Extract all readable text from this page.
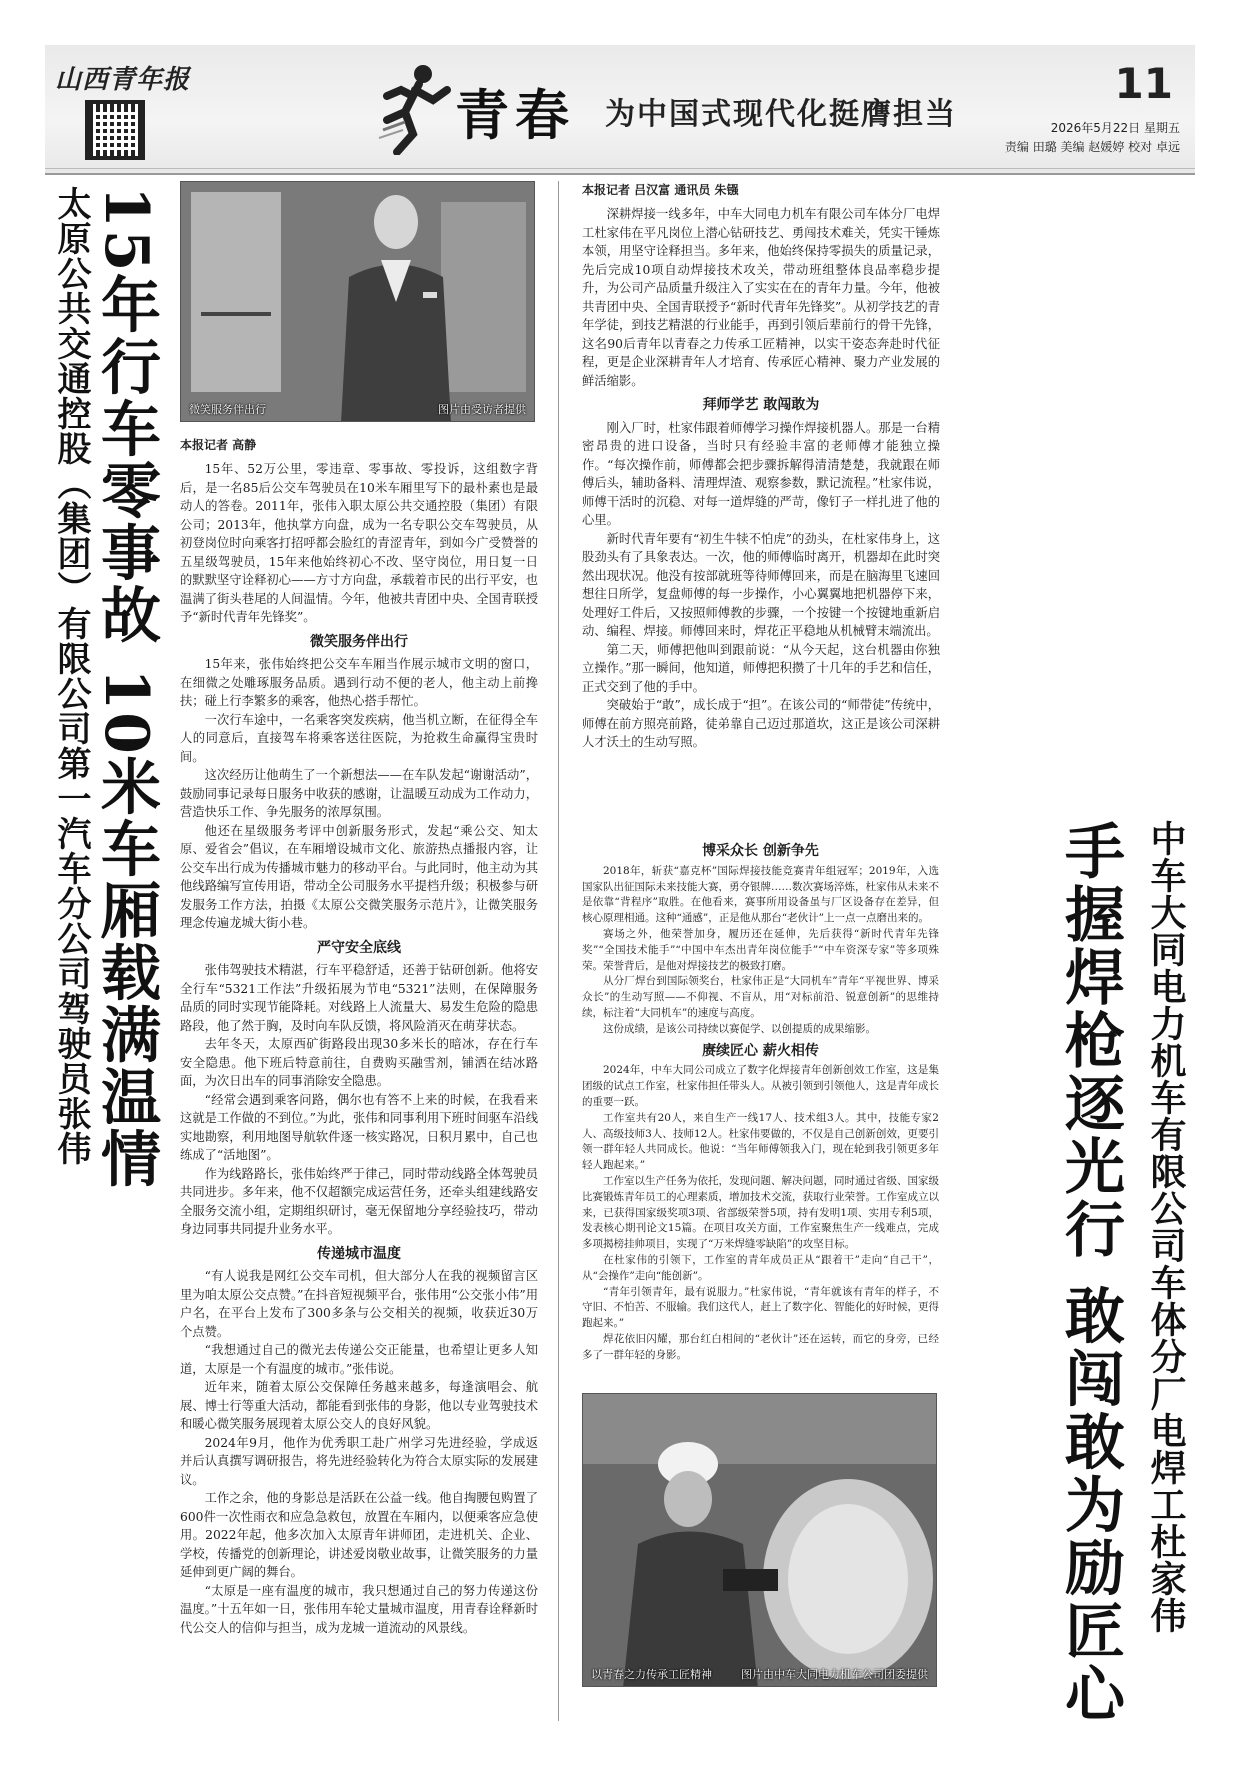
山西青年报
青春 为中国式现代化挺膺担当
11
2026年5月22日 星期五
责编 田璐 美编 赵媛婷 校对 卓远
太原公共交通控股（集团）有限公司第一汽车分公司驾驶员张伟 15年行车零事故 10米车厢载满温情	微笑服务伴出行	图片由受访者提供
本报记者 高静

15年、52万公里，零违章、零事故、零投诉，这组数字背后，是一名85后公交车驾驶员在10米车厢里写下的最朴素也是最动人的答卷。2011年，张伟入职太原公共交通控股（集团）有限公司；2013年，他执掌方向盘，成为一名专职公交车驾驶员，从初登岗位时向乘客打招呼都会脸红的青涩青年，到如今广受赞誉的五星级驾驶员，15年来他始终初心不改、坚守岗位，用日复一日的默默坚守诠释初心——方寸方向盘，承载着市民的出行平安，也温满了街头巷尾的人间温情。今年，他被共青团中央、全国青联授予“新时代青年先锋奖”。

微笑服务伴出行

15年来，张伟始终把公交车车厢当作展示城市文明的窗口，在细微之处雕琢服务品质。遇到行动不便的老人，他主动上前搀扶；碰上行李繁多的乘客，他热心搭手帮忙。

一次行车途中，一名乘客突发疾病，他当机立断，在征得全车人的同意后，直接驾车将乘客送往医院，为抢救生命赢得宝贵时间。

这次经历让他萌生了一个新想法——在车队发起“谢谢活动”，鼓励同事记录每日服务中收获的感谢，让温暖互动成为工作动力，营造快乐工作、争先服务的浓厚氛围。

他还在星级服务考评中创新服务形式，发起“乘公交、知太原、爱省会”倡议，在车厢增设城市文化、旅游热点播报内容，让公交车出行成为传播城市魅力的移动平台。与此同时，他主动为其他线路编写宣传用语，带动全公司服务水平提档升级；积极参与研发服务工作方法，拍摄《太原公交微笑服务示范片》，让微笑服务理念传遍龙城大街小巷。

严守安全底线

张伟驾驶技术精湛，行车平稳舒适，还善于钻研创新。他将安全行车“5321工作法”升级拓展为节电“5321”法则，在保障服务品质的同时实现节能降耗。对线路上人流量大、易发生危险的隐患路段，他了然于胸，及时向车队反馈，将风险消灭在萌芽状态。

去年冬天，太原西矿街路段出现30多米长的暗冰，存在行车安全隐患。他下班后特意前往，自费购买融雪剂，铺洒在结冰路面，为次日出车的同事消除安全隐患。

“经常会遇到乘客问路，偶尔也有答不上来的时候，在我看来这就是工作做的不到位。”为此，张伟和同事利用下班时间驱车沿线实地勘察，利用地图导航软件逐一核实路况，日积月累中，自己也练成了“活地图”。

作为线路路长，张伟始终严于律己，同时带动线路全体驾驶员共同进步。多年来，他不仅超额完成运营任务，还牵头组建线路安全服务交流小组，定期组织研讨，毫无保留地分享经验技巧，带动身边同事共同提升业务水平。

传递城市温度

“有人说我是网红公交车司机，但大部分人在我的视频留言区里为咱太原公交点赞。”在抖音短视频平台，张伟用“公交张小伟”用户名，在平台上发布了300多条与公交相关的视频，收获近30万个点赞。

“我想通过自己的微光去传递公交正能量，也希望让更多人知道，太原是一个有温度的城市。”张伟说。

近年来，随着太原公交保障任务越来越多，每逢演唱会、航展、博士行等重大活动，都能看到张伟的身影，他以专业驾驶技术和暖心微笑服务展现着太原公交人的良好风貌。

2024年9月，他作为优秀职工赴广州学习先进经验，学成返并后认真撰写调研报告，将先进经验转化为符合太原实际的发展建议。

工作之余，他的身影总是活跃在公益一线。他自掏腰包购置了600件一次性雨衣和应急急救包，放置在车厢内，以便乘客应急使用。2022年起，他多次加入太原青年讲师团，走进机关、企业、学校，传播党的创新理论，讲述爱岗敬业故事，让微笑服务的力量延伸到更广阔的舞台。

“太原是一座有温度的城市，我只想通过自己的努力传递这份温度。”十五年如一日，张伟用车轮丈量城市温度，用青春诠释新时代公交人的信仰与担当，成为龙城一道流动的风景线。

本报记者 吕汉富 通讯员 朱镪

深耕焊接一线多年，中车大同电力机车有限公司车体分厂电焊工杜家伟在平凡岗位上潜心钻研技艺、勇闯技术难关，凭实干锤炼本领，用坚守诠释担当。多年来，他始终保持零损失的质量记录，先后完成10项自动焊接技术攻关，带动班组整体良品率稳步提升，为公司产品质量升级注入了实实在在的青年力量。今年，他被共青团中央、全国青联授予“新时代青年先锋奖”。从初学技艺的青年学徒，到技艺精湛的行业能手，再到引领后辈前行的骨干先锋，这名90后青年以青春之力传承工匠精神，以实干姿态奔赴时代征程，更是企业深耕青年人才培育、传承匠心精神、聚力产业发展的鲜活缩影。

拜师学艺 敢闯敢为

刚入厂时，杜家伟跟着师傅学习操作焊接机器人。那是一台精密昂贵的进口设备，当时只有经验丰富的老师傅才能独立操作。“每次操作前，师傅都会把步骤拆解得清清楚楚，我就跟在师傅后头，辅助备料、清理焊渣、观察参数，默记流程。”杜家伟说，师傅干活时的沉稳、对每一道焊缝的严苛，像钉子一样扎进了他的心里。

新时代青年要有“初生牛犊不怕虎”的劲头，在杜家伟身上，这股劲头有了具象表达。一次，他的师傅临时离开，机器却在此时突然出现状况。他没有按部就班等待师傅回来，而是在脑海里飞速回想往日所学，复盘师傅的每一步操作，小心翼翼地把机器停下来，处理好工件后，又按照师傅教的步骤，一个按键一个按键地重新启动、编程、焊接。师傅回来时，焊花正平稳地从机械臂末端流出。

第二天，师傅把他叫到跟前说：“从今天起，这台机器由你独立操作。”那一瞬间，他知道，师傅把积攒了十几年的手艺和信任，正式交到了他的手中。

突破始于“敢”，成长成于“担”。在该公司的“师带徒”传统中，师傅在前方照亮前路，徒弟靠自己迈过那道坎，这正是该公司深耕人才沃土的生动写照。

博采众长 创新争先

2018年，斩获“嘉克杯”国际焊接技能竞赛青年组冠军；2019年，入选国家队出征国际未来技能大赛，勇夺银牌……数次赛场淬炼，杜家伟从未来不是依靠“背程序”取胜。在他看来，赛事所用设备虽与厂区设备存在差异，但核心原理相通。这种“通感”，正是他从那台“老伙计”上一点一点磨出来的。

赛场之外，他荣誉加身，履历还在延伸，先后获得“新时代青年先锋奖”“全国技术能手”“中国中车杰出青年岗位能手”“中车资深专家”等多项殊荣。荣誉背后，是他对焊接技艺的极致打磨。

从分厂焊台到国际领奖台，杜家伟正是“大同机车”青年“平视世界、博采众长”的生动写照——不仰视、不盲从，用“对标前沿、锐意创新”的思维持续，标注着“大同机车”的速度与高度。

这份成绩，是该公司持续以赛促学、以创提质的成果缩影。

赓续匠心 薪火相传

2024年，中车大同公司成立了数字化焊接青年创新创效工作室，这是集团级的试点工作室，杜家伟担任带头人。从被引领到引领他人，这是青年成长的重要一跃。

工作室共有20人，来自生产一线17人、技术组3人。其中，技能专家2人、高级技师3人、技师12人。杜家伟要做的，不仅是自己创新创效，更要引领一群年轻人共同成长。他说：“当年师傅领我入门，现在轮到我引领更多年轻人跑起来。”

工作室以生产任务为依托，发现问题、解决问题，同时通过省级、国家级比赛锻炼青年员工的心理素质，增加技术交流，获取行业荣誉。工作室成立以来，已获得国家级奖项3项、省部级荣誉5项，持有发明1项、实用专利5项，发表核心期刊论文15篇。在项目攻关方面，工作室聚焦生产一线难点，完成多项揭榜挂帅项目，实现了“万米焊缝零缺陷”的攻坚目标。

在杜家伟的引领下，工作室的青年成员正从“跟着干”走向“自己干”，从“会操作”走向“能创新”。

“青年引领青年，最有说服力。”杜家伟说，“青年就该有青年的样子，不守旧、不怕苦、不服输。我们这代人，赶上了数字化、智能化的好时候，更得跑起来。”

焊花依旧闪耀，那台红白相间的“老伙计”还在运转，而它的身旁，已经多了一群年轻的身影。

以青春之力传承工匠精神	图片由中车大同电力机车公司团委提供
中车大同电力机车有限公司车体分厂电焊工杜家伟
手握焊枪逐光行 敢闯敢为励匠心
